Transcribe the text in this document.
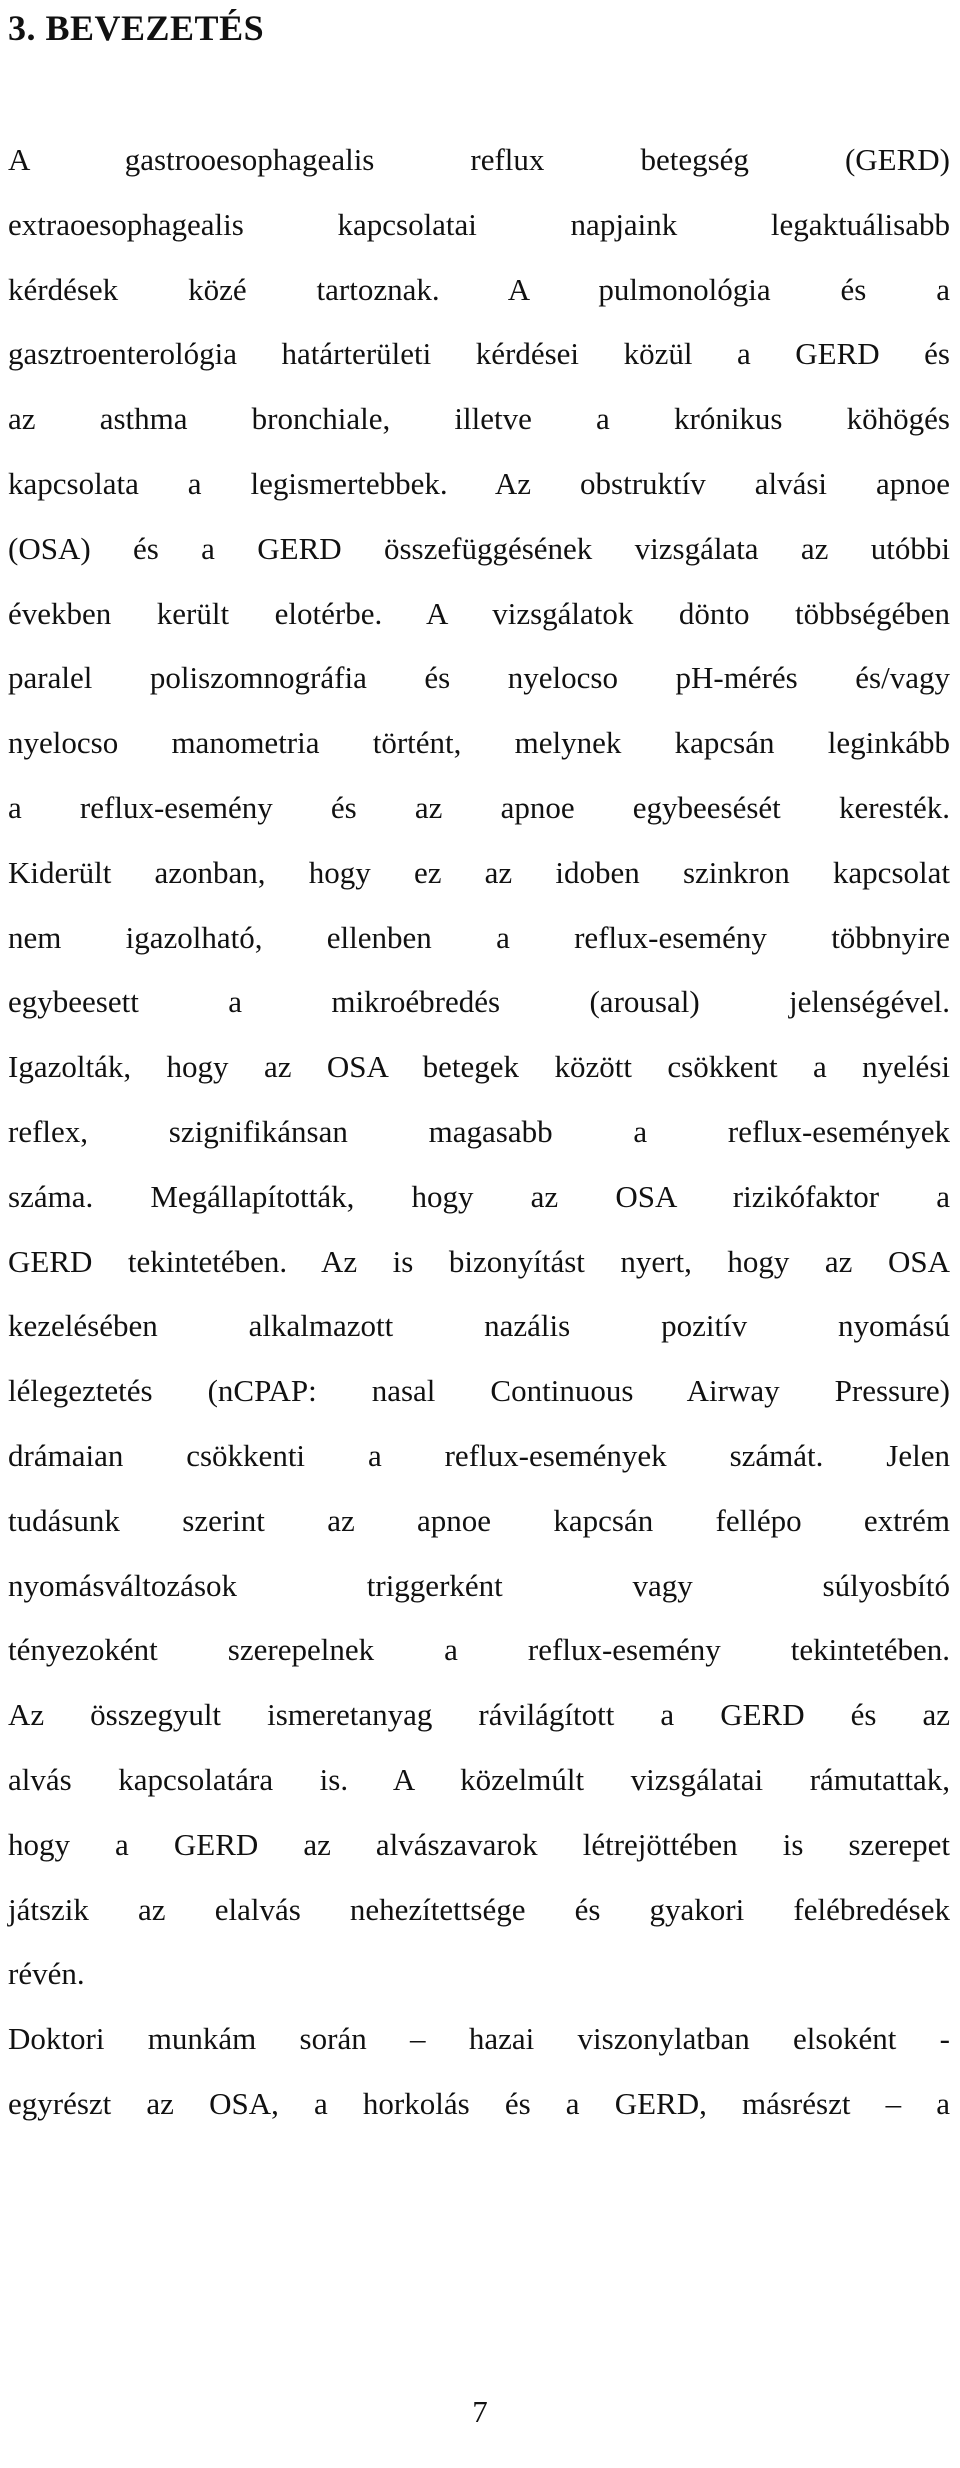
3. BEVEZETÉS
A gastrooesophagealis reflux betegség (GERD)
extraoesophagealis kapcsolatai napjaink legaktuálisabb
kérdések közé tartoznak. A pulmonológia és a
gasztroenterológia határterületi kérdései közül a GERD és
az asthma bronchiale, illetve a krónikus köhögés
kapcsolata a legismertebbek. Az obstruktív alvási apnoe
(OSA) és a GERD összefüggésének vizsgálata az utóbbi
években került elotérbe. A vizsgálatok dönto többségében
paralel poliszomnográfia és nyelocso pH-mérés és/vagy
nyelocso manometria történt, melynek kapcsán leginkább
a reflux-esemény és az apnoe egybeesését keresték.
Kiderült azonban, hogy ez az idoben szinkron kapcsolat
nem igazolható, ellenben a reflux-esemény többnyire
egybeesett a mikroébredés (arousal) jelenségével.
Igazolták, hogy az OSA betegek között csökkent a nyelési
reflex, szignifikánsan magasabb a reflux-események
száma. Megállapították, hogy az OSA rizikófaktor a
GERD tekintetében. Az is bizonyítást nyert, hogy az OSA
kezelésében alkalmazott nazális pozitív nyomású
lélegeztetés (nCPAP: nasal Continuous Airway Pressure)
drámaian csökkenti a reflux-események számát. Jelen
tudásunk szerint az apnoe kapcsán fellépo extrém
nyomásváltozások triggerként vagy súlyosbító
tényezoként szerepelnek a reflux-esemény tekintetében.
Az összegyult ismeretanyag rávilágított a GERD és az
alvás kapcsolatára is. A közelmúlt vizsgálatai rámutattak,
hogy a GERD az alvászavarok létrejöttében is szerepet
játszik az elalvás nehezítettsége és gyakori felébredések
révén.
Doktori munkám során – hazai viszonylatban elsoként -
egyrészt az OSA, a horkolás és a GERD, másrészt – a
7
